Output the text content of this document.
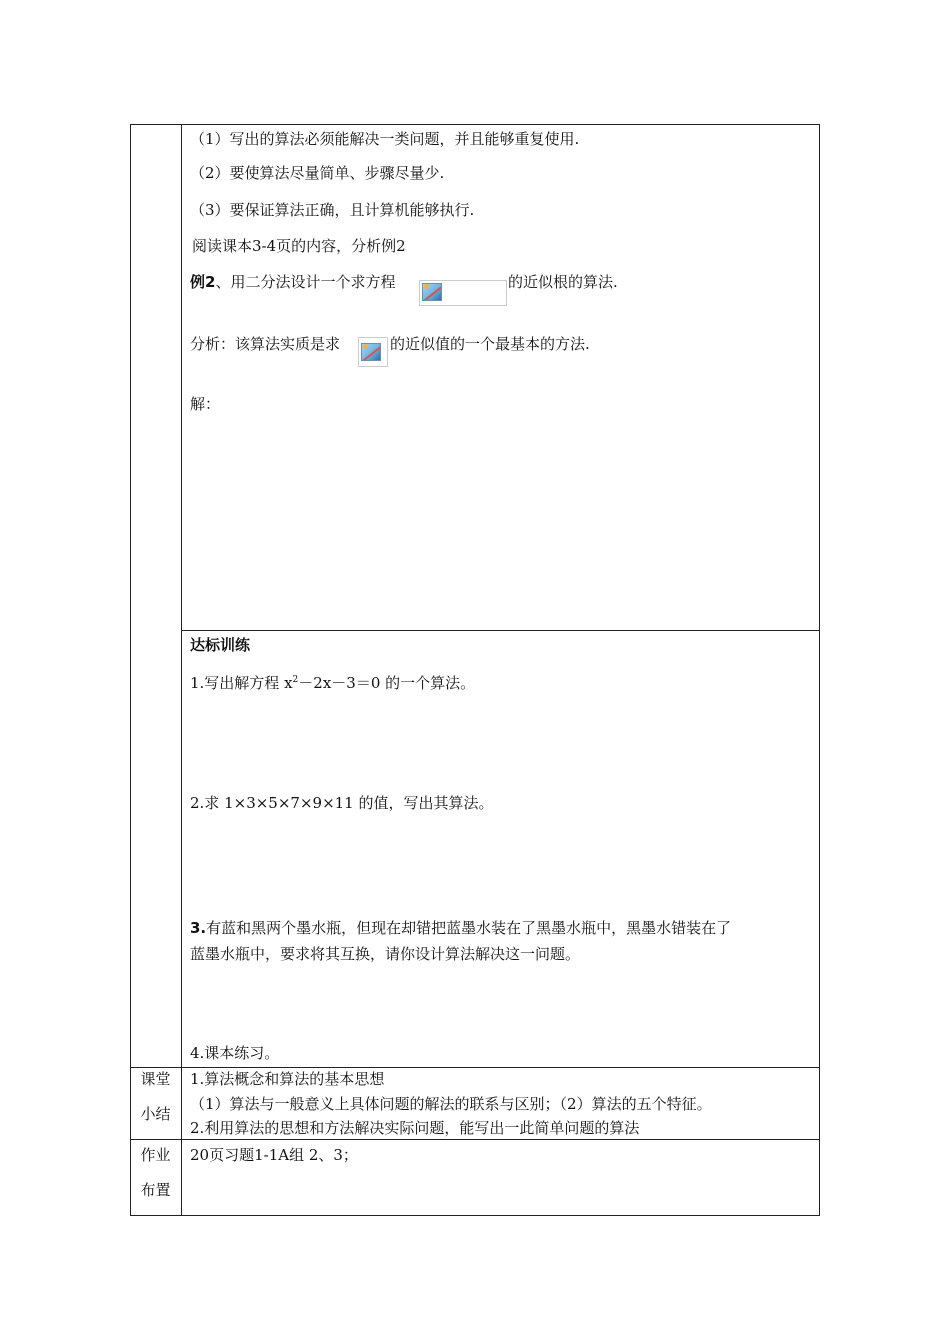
（1）写出的算法必须能解决一类问题，并且能够重复使用.
（2）要使算法尽量简单、步骤尽量少.
（3）要保证算法正确，且计算机能够执行.
阅读课本3-4页的内容，分析例2
例2、用二分法设计一个求方程	的近似根的算法.
分析：该算法实质是求	的近似值的一个最基本的方法.
解：
达标训练
1.写出解方程 $x^2-2x-3=0$ 的一个算法。
2.求 1×3×5×7×9×11 的值，写出其算法。
3.有蓝和黑两个墨水瓶，但现在却错把蓝墨水装在了黑墨水瓶中，黑墨水错装在了
蓝墨水瓶中，要求将其互换，请你设计算法解决这一问题。
4.课本练习。
课堂
小结
1.算法概念和算法的基本思想
（1）算法与一般意义上具体问题的解法的联系与区别；（2）算法的五个特征。
2.利用算法的思想和方法解决实际问题，能写出一此简单问题的算法
作业
布置
20页习题1-1A组 2、3；
